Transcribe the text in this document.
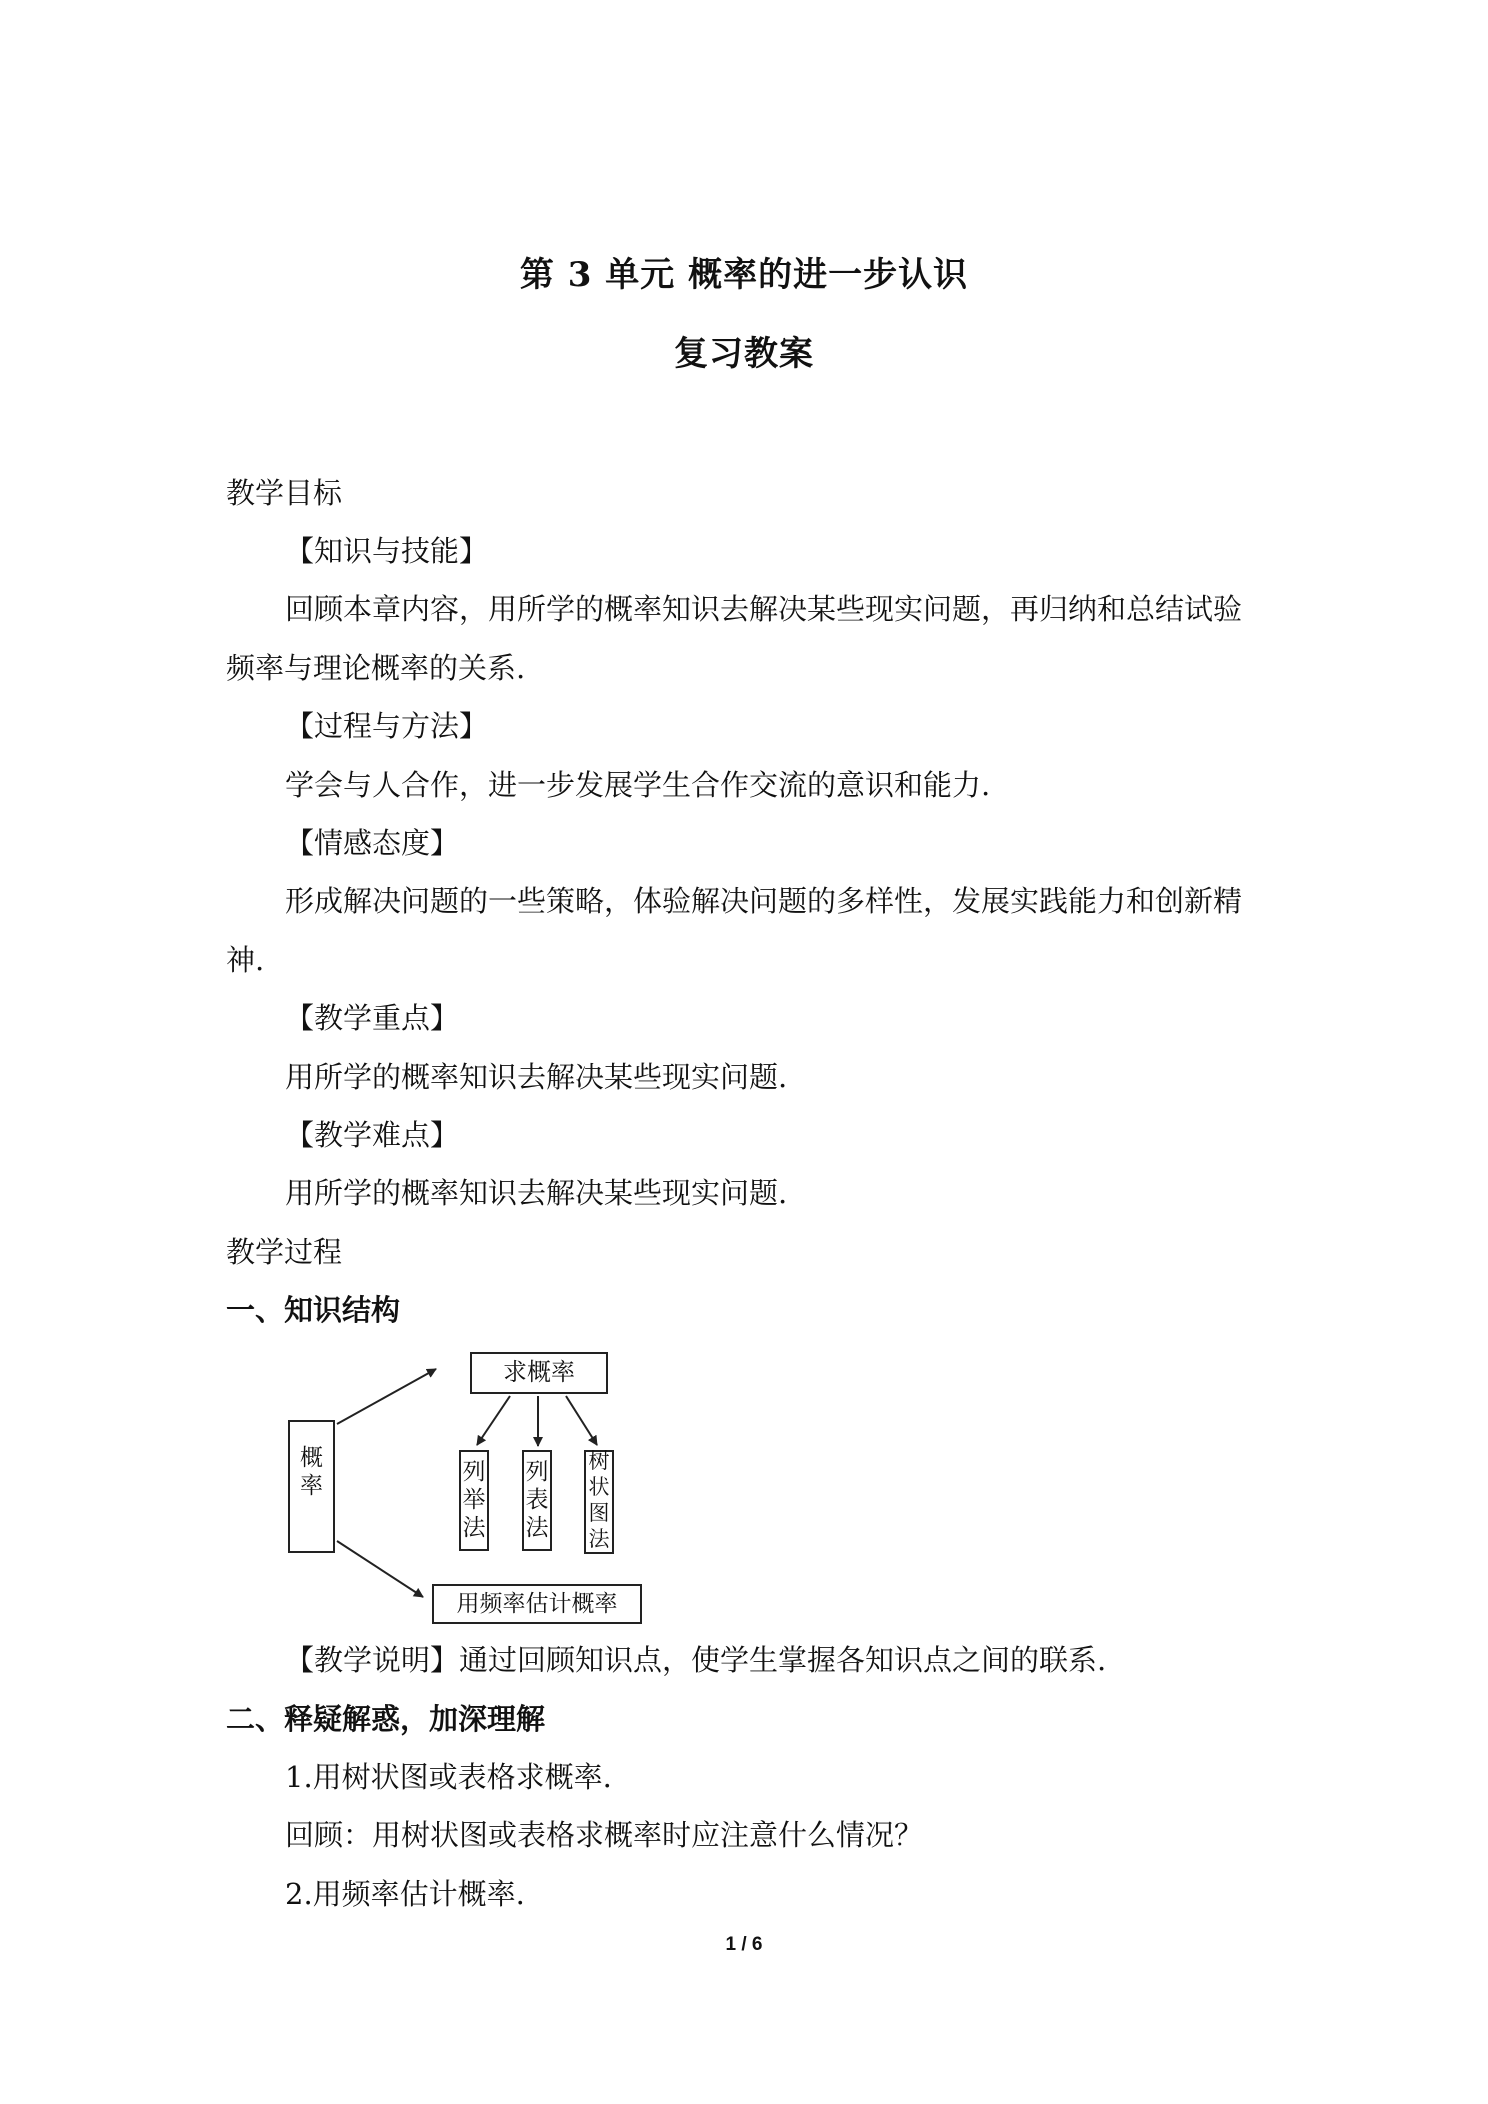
第 3 单元 概率的进一步认识
复习教案
教学目标
【知识与技能】
回顾本章内容，用所学的概率知识去解决某些现实问题，再归纳和总结试验
频率与理论概率的关系.
【过程与方法】
学会与人合作，进一步发展学生合作交流的意识和能力.
【情感态度】
形成解决问题的一些策略，体验解决问题的多样性，发展实践能力和创新精
神.
【教学重点】
用所学的概率知识去解决某些现实问题.
【教学难点】
用所学的概率知识去解决某些现实问题.
教学过程
一、知识结构
概
率
求概率
列
举
法
列
表
法
树
状
图
法
用频率估计概率
【教学说明】通过回顾知识点，使学生掌握各知识点之间的联系.
二、释疑解惑，加深理解
1.用树状图或表格求概率.
回顾：用树状图或表格求概率时应注意什么情况？
2.用频率估计概率.
1 / 6
